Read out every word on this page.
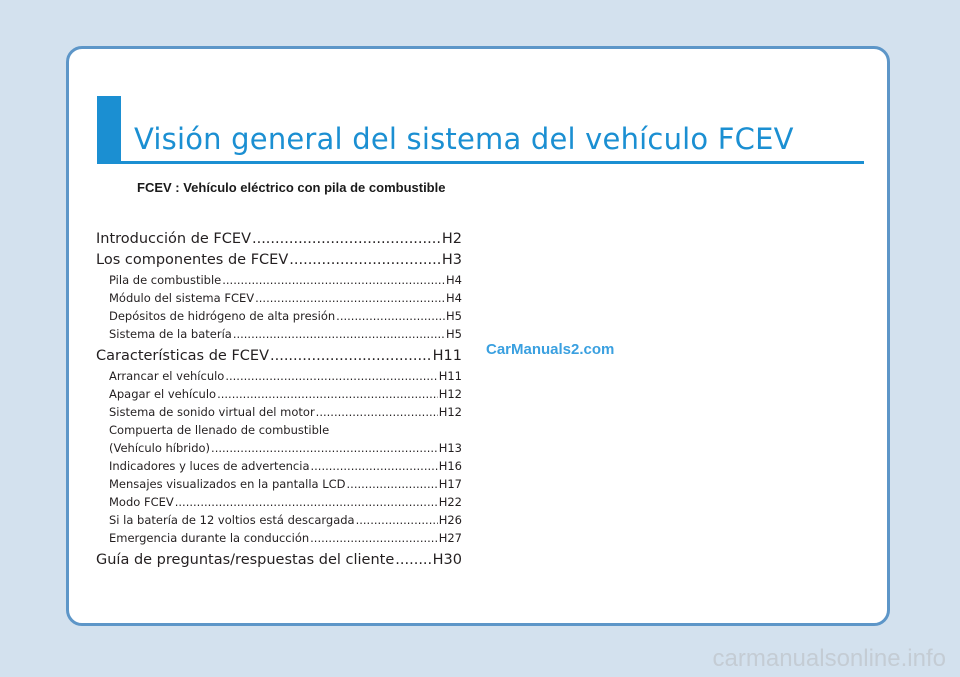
Visión general del sistema del vehículo FCEV
FCEV : Vehículo eléctrico con pila de combustible
Introducción de FCEV .....	H2
Los componentes de FCEV .....	H3
Pila de combustible .....	H4
Módulo del sistema FCEV .....	H4
Depósitos de hidrógeno de alta presión .....	H5
Sistema de la batería .....	H5
Características de FCEV .....	H11
Arrancar el vehículo .....	H11
Apagar el vehículo .....	H12
Sistema de sonido virtual del motor .....	H12
Compuerta de llenado de combustible
(Vehículo híbrido) .....	H13
Indicadores y luces de advertencia .....	H16
Mensajes visualizados en la pantalla LCD .....	H17
Modo FCEV .....	H22
Si la batería de 12 voltios está descargada .....	H26
Emergencia durante la conducción .....	H27
Guía de preguntas/respuestas del cliente .....	H30
CarManuals2.com
carmanualsonline.info
